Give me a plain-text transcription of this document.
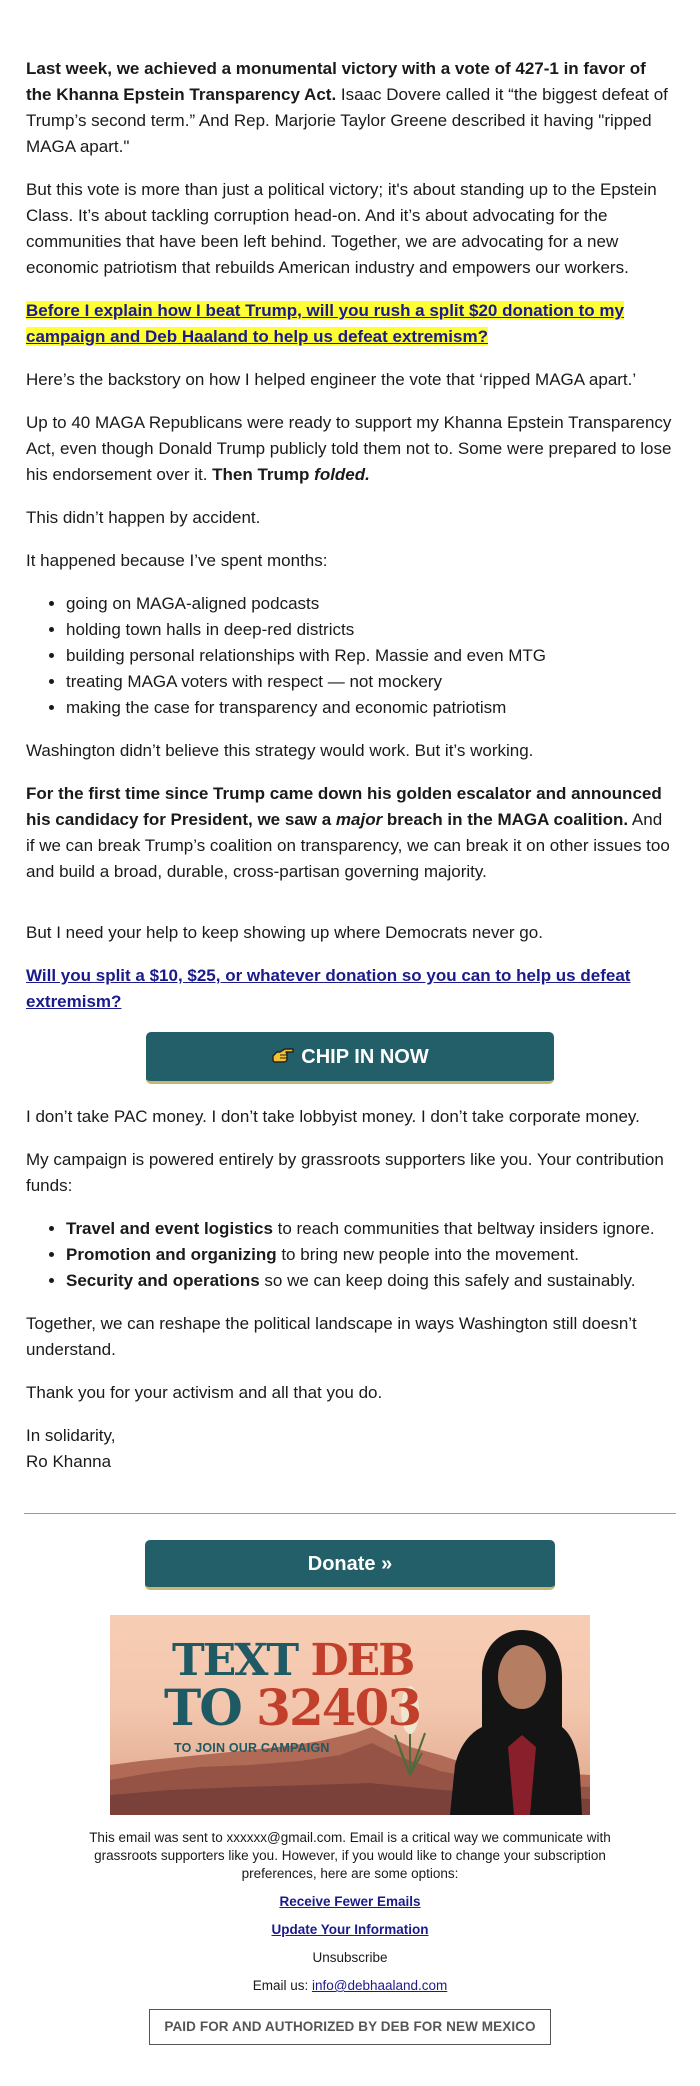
Last week, we achieved a monumental victory with a vote of 427-1 in favor of the Khanna Epstein Transparency Act. Isaac Dovere called it “the biggest defeat of Trump’s second term.” And Rep. Marjorie Taylor Greene described it having "ripped MAGA apart."

But this vote is more than just a political victory; it's about standing up to the Epstein Class. It’s about tackling corruption head-on. And it’s about advocating for the communities that have been left behind. Together, we are advocating for a new economic patriotism that rebuilds American industry and empowers our workers.

Before I explain how I beat Trump, will you rush a split $20 donation to my campaign and Deb Haaland to help us defeat extremism?

Here’s the backstory on how I helped engineer the vote that ‘ripped MAGA apart.’

Up to 40 MAGA Republicans were ready to support my Khanna Epstein Transparency Act, even though Donald Trump publicly told them not to. Some were prepared to lose his endorsement over it. Then Trump folded.

This didn’t happen by accident.

It happened because I’ve spent months:

• going on MAGA-aligned podcasts
• holding town halls in deep-red districts
• building personal relationships with Rep. Massie and even MTG
• treating MAGA voters with respect — not mockery
• making the case for transparency and economic patriotism

Washington didn’t believe this strategy would work. But it’s working.

For the first time since Trump came down his golden escalator and announced his candidacy for President, we saw a major breach in the MAGA coalition. And if we can break Trump’s coalition on transparency, we can break it on other issues too and build a broad, durable, cross-partisan governing majority.

But I need your help to keep showing up where Democrats never go.

Will you split a $10, $25, or whatever donation so you can to help us defeat extremism?

CHIP IN NOW

I don’t take PAC money. I don’t take lobbyist money. I don’t take corporate money.

My campaign is powered entirely by grassroots supporters like you. Your contribution funds:

• Travel and event logistics to reach communities that beltway insiders ignore.
• Promotion and organizing to bring new people into the movement.
• Security and operations so we can keep doing this safely and sustainably.

Together, we can reshape the political landscape in ways Washington still doesn’t understand.

Thank you for your activism and all that you do.

In solidarity,
Ro Khanna

Donate »
TEXT DEB
TO 32403
TO JOIN OUR CAMPAIGN

This email was sent to xxxxxx@gmail.com. Email is a critical way we communicate with grassroots supporters like you. However, if you would like to change your subscription preferences, here are some options:

Receive Fewer Emails

Update Your Information

Unsubscribe

Email us: info@debhaaland.com

PAID FOR AND AUTHORIZED BY DEB FOR NEW MEXICO
